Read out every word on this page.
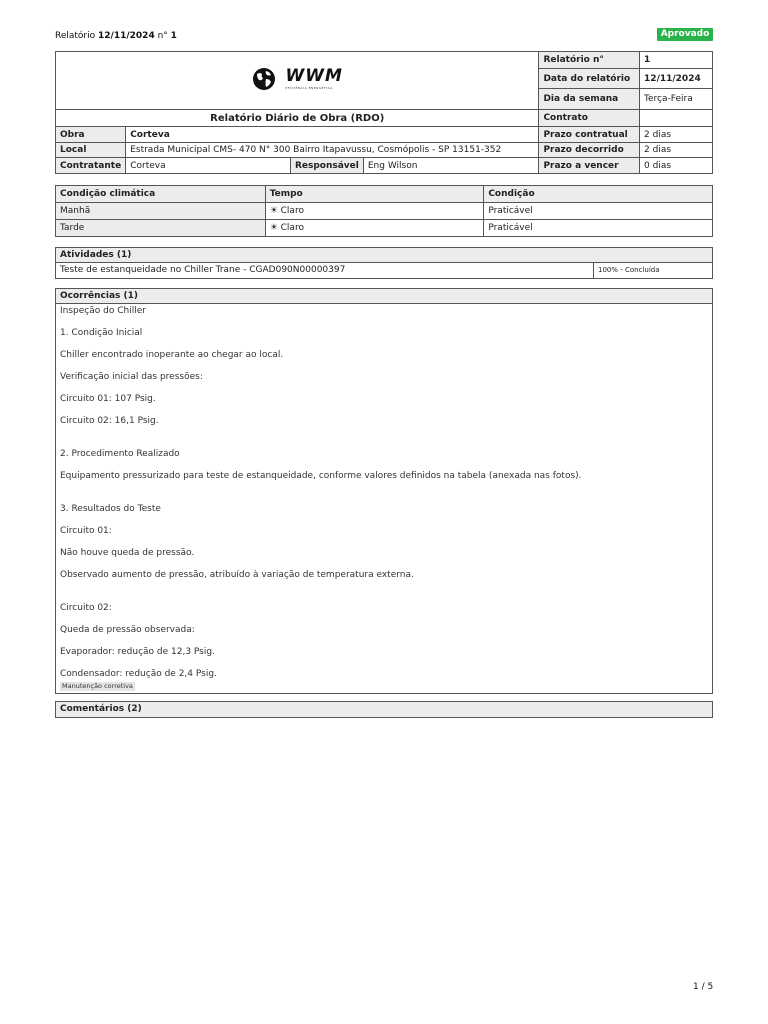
Relatório 12/11/2024 n° 1	Aprovado
WWM
EFICIÊNCIA ENERGÉTICA				Relatório n°	1
				Data do relatório	12/11/2024
				Dia da semana	Terça-Feira
Relatório Diário de Obra (RDO)				Contrato	
Obra	Corteva			Prazo contratual	2 dias
Local	Estrada Municipal CMS- 470 N° 300 Bairro Itapavussu, Cosmópolis - SP 13151-352			Prazo decorrido	2 dias
Contratante	Corteva	Responsável	Eng Wilson	Prazo a vencer	0 dias
Condição climática	Tempo	Condição
Manhã	☀ Claro	Praticável
Tarde	☀ Claro	Praticável
Atividades (1)
Teste de estanqueidade no Chiller Trane - CGAD090N00000397	100% - Concluída
Ocorrências (1)
Inspeção do Chiller

1. Condição Inicial

Chiller encontrado inoperante ao chegar ao local.

Verificação inicial das pressões:

Circuito 01: 107 Psig.

Circuito 02: 16,1 Psig.

2. Procedimento Realizado

Equipamento pressurizado para teste de estanqueidade, conforme valores definidos na tabela (anexada nas fotos).

3. Resultados do Teste

Circuito 01:

Não houve queda de pressão.

Observado aumento de pressão, atribuído à variação de temperatura externa.

Circuito 02:

Queda de pressão observada:

Evaporador: redução de 12,3 Psig.

Condensador: redução de 2,4 Psig.
Manutenção corretiva
Comentários (2)
1 / 5
